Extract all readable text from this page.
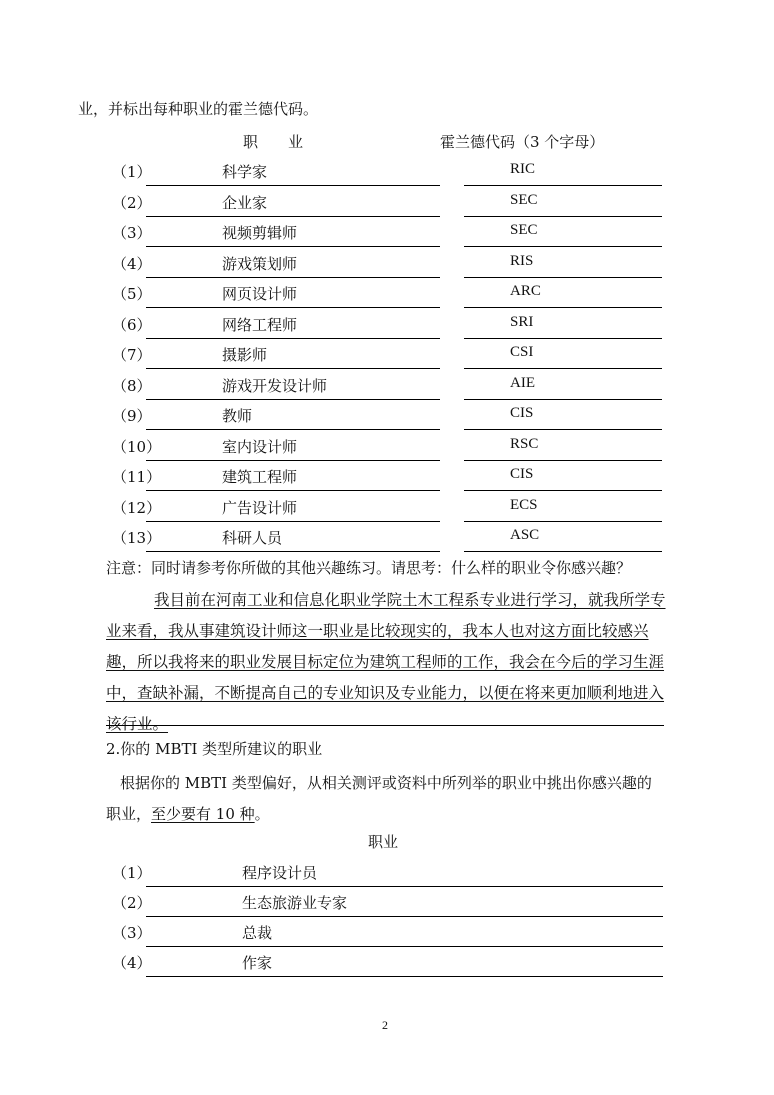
业，并标出每种职业的霍兰德代码。
职　　业	霍兰德代码（3 个字母）
（1）	科学家	RIC
（2）	企业家	SEC
（3）	视频剪辑师	SEC
（4）	游戏策划师	RIS
（5）	网页设计师	ARC
（6）	网络工程师	SRI
（7）	摄影师	CSI
（8）	游戏开发设计师	AIE
（9）	教师	CIS
（10）	室内设计师	RSC
（11）	建筑工程师	CIS
（12）	广告设计师	ECS
（13）	科研人员	ASC
注意：同时请参考你所做的其他兴趣练习。请思考：什么样的职业令你感兴趣？
我目前在河南工业和信息化职业学院土木工程系专业进行学习，就我所学专业来看，我从事建筑设计师这一职业是比较现实的，我本人也对这方面比较感兴趣，所以我将来的职业发展目标定位为建筑工程师的工作，我会在今后的学习生涯中，查缺补漏，不断提高自己的专业知识及专业能力，以便在将来更加顺利地进入该行业。
2.你的 MBTI 类型所建议的职业
根据你的 MBTI 类型偏好，从相关测评或资料中所列举的职业中挑出你感兴趣的职业，至少要有 10 种。
职业
（1）	程序设计员
（2）	生态旅游业专家
（3）	总裁
（4）	作家
2
